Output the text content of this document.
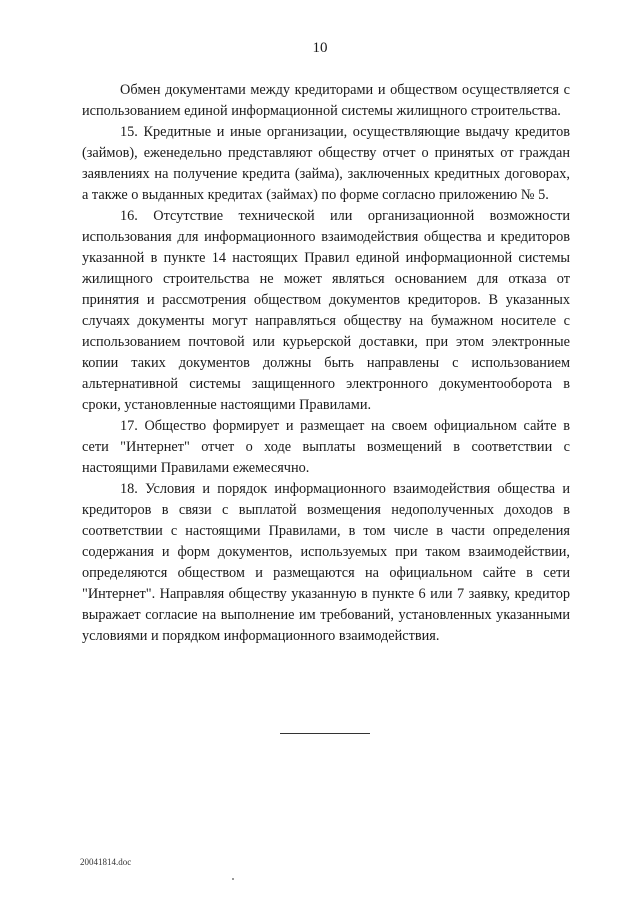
10

Обмен документами между кредиторами и обществом осуществляется с использованием единой информационной системы жилищного строительства.

15. Кредитные и иные организации, осуществляющие выдачу кредитов (займов), еженедельно представляют обществу отчет о принятых от граждан заявлениях на получение кредита (займа), заключенных кредитных договорах, а также о выданных кредитах (займах) по форме согласно приложению № 5.

16. Отсутствие технической или организационной возможности использования для информационного взаимодействия общества и кредиторов указанной в пункте 14 настоящих Правил единой информационной системы жилищного строительства не может являться основанием для отказа от принятия и рассмотрения обществом документов кредиторов. В указанных случаях документы могут направляться обществу на бумажном носителе с использованием почтовой или курьерской доставки, при этом электронные копии таких документов должны быть направлены с использованием альтернативной системы защищенного электронного документооборота в сроки, установленные настоящими Правилами.

17. Общество формирует и размещает на своем официальном сайте в сети "Интернет" отчет о ходе выплаты возмещений в соответствии с настоящими Правилами ежемесячно.

18. Условия и порядок информационного взаимодействия общества и кредиторов в связи с выплатой возмещения недополученных доходов в соответствии с настоящими Правилами, в том числе в части определения содержания и форм документов, используемых при таком взаимодействии, определяются обществом и размещаются на официальном сайте в сети "Интернет". Направляя обществу указанную в пункте 6 или 7 заявку, кредитор выражает согласие на выполнение им требований, установленных указанными условиями и порядком информационного взаимодействия.

20041814.doc
